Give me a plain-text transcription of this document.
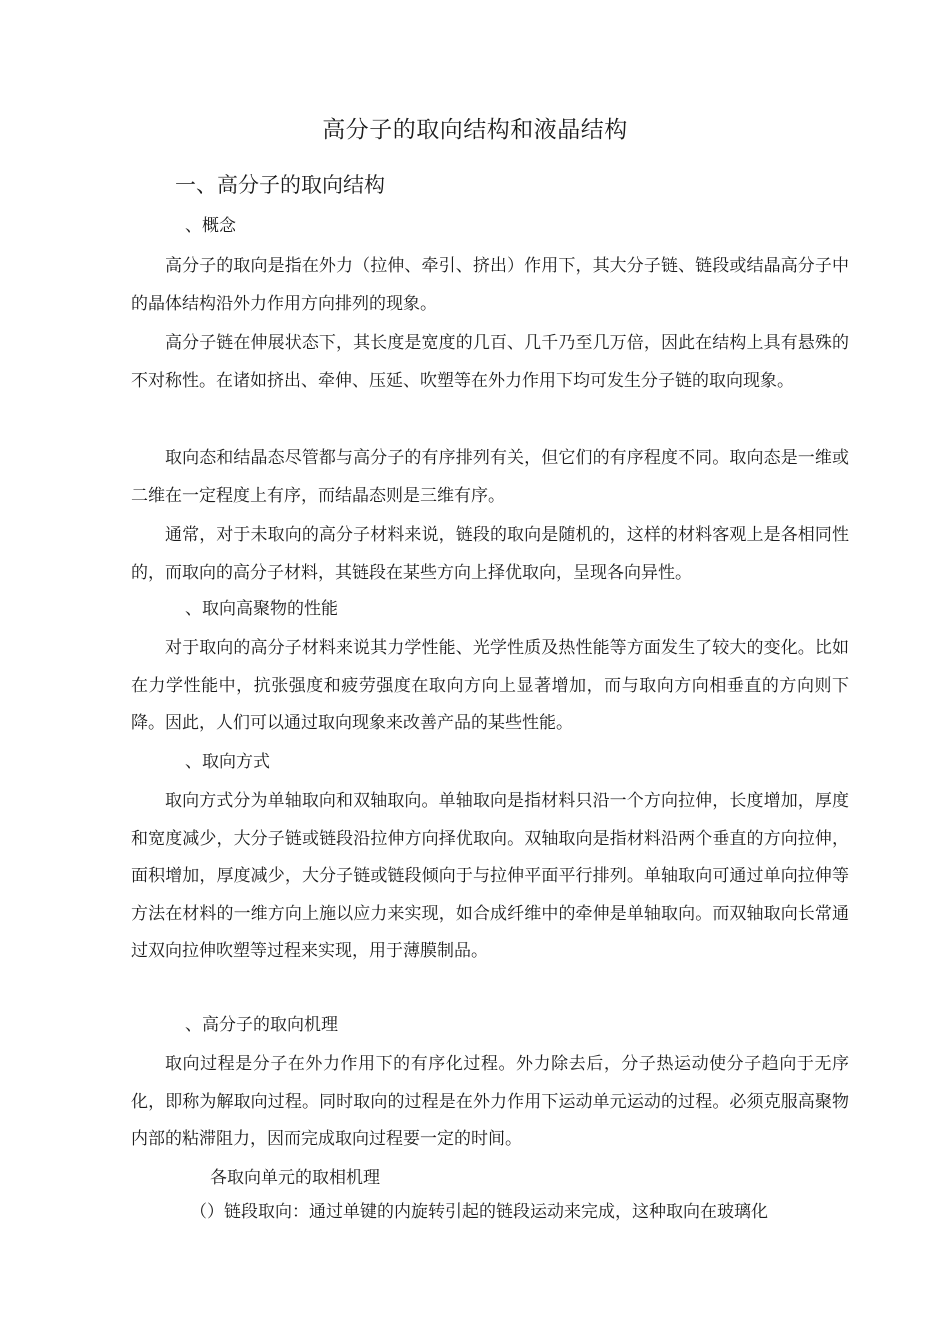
高分子的取向结构和液晶结构
一、高分子的取向结构
、概念

高分子的取向是指在外力（拉伸、牵引、挤出）作用下，其大分子链、链段或结晶高分子中的晶体结构沿外力作用方向排列的现象。

高分子链在伸展状态下，其长度是宽度的几百、几千乃至几万倍，因此在结构上具有悬殊的不对称性。在诸如挤出、牵伸、压延、吹塑等在外力作用下均可发生分子链的取向现象。

取向态和结晶态尽管都与高分子的有序排列有关，但它们的有序程度不同。取向态是一维或二维在一定程度上有序，而结晶态则是三维有序。

通常，对于未取向的高分子材料来说，链段的取向是随机的，这样的材料客观上是各相同性的，而取向的高分子材料，其链段在某些方向上择优取向，呈现各向异性。

、取向高聚物的性能

对于取向的高分子材料来说其力学性能、光学性质及热性能等方面发生了较大的变化。比如在力学性能中，抗张强度和疲劳强度在取向方向上显著增加，而与取向方向相垂直的方向则下降。因此，人们可以通过取向现象来改善产品的某些性能。

、取向方式

取向方式分为单轴取向和双轴取向。单轴取向是指材料只沿一个方向拉伸，长度增加，厚度和宽度减少，大分子链或链段沿拉伸方向择优取向。双轴取向是指材料沿两个垂直的方向拉伸，面积增加，厚度减少，大分子链或链段倾向于与拉伸平面平行排列。单轴取向可通过单向拉伸等方法在材料的一维方向上施以应力来实现，如合成纤维中的牵伸是单轴取向。而双轴取向长常通过双向拉伸吹塑等过程来实现，用于薄膜制品。

、高分子的取向机理

取向过程是分子在外力作用下的有序化过程。外力除去后，分子热运动使分子趋向于无序化，即称为解取向过程。同时取向的过程是在外力作用下运动单元运动的过程。必须克服高聚物内部的粘滞阻力，因而完成取向过程要一定的时间。

各取向单元的取相机理
（）链段取向：通过单键的内旋转引起的链段运动来完成，这种取向在玻璃化
